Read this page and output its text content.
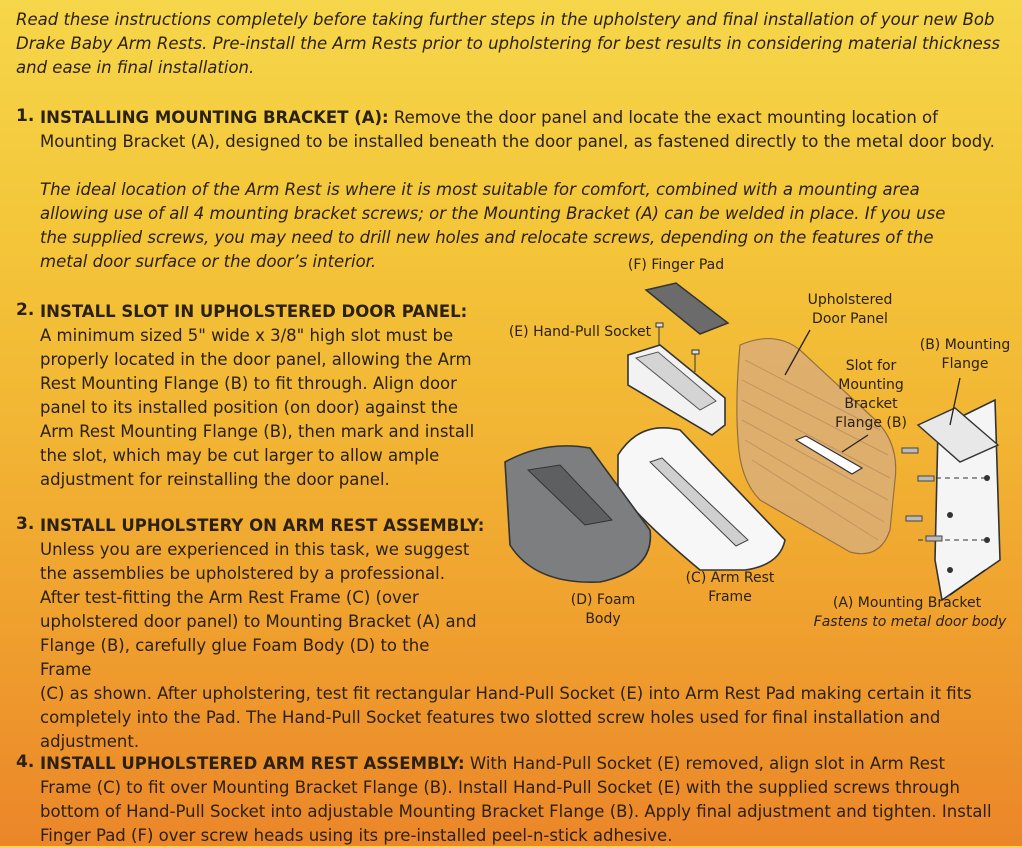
Read these instructions completely before taking further steps in the upholstery and final installation of your new Bob Drake Baby Arm Rests. Pre-install the Arm Rests prior to upholstering for best results in considering material thickness and ease in final installation.
1. INSTALLING MOUNTING BRACKET (A): Remove the door panel and locate the exact mounting location of Mounting Bracket (A), designed to be installed beneath the door panel, as fastened directly to the metal door body.
The ideal location of the Arm Rest is where it is most suitable for comfort, combined with a mounting area allowing use of all 4 mounting bracket screws; or the Mounting Bracket (A) can be welded in place. If you use the supplied screws, you may need to drill new holes and relocate screws, depending on the features of the metal door surface or the door’s interior.
2. INSTALL SLOT IN UPHOLSTERED DOOR PANEL:
A minimum sized 5" wide x 3/8" high slot must be properly located in the door panel, allowing the Arm Rest Mounting Flange (B) to fit through. Align door panel to its installed position (on door) against the Arm Rest Mounting Flange (B), then mark and install the slot, which may be cut larger to allow ample adjustment for reinstalling the door panel.
3. INSTALL UPHOLSTERY ON ARM REST ASSEMBLY:
Unless you are experienced in this task, we suggest the assemblies be upholstered by a professional. After test-fitting the Arm Rest Frame (C) (over upholstered door panel) to Mounting Bracket (A) and Flange (B), carefully glue Foam Body (D) to the Frame
(C) as shown. After upholstering, test fit rectangular Hand-Pull Socket (E) into Arm Rest Pad making certain it fits completely into the Pad. The Hand-Pull Socket features two slotted screw holes used for final installation and adjustment.
4. INSTALL UPHOLSTERED ARM REST ASSEMBLY: With Hand-Pull Socket (E) removed, align slot in Arm Rest Frame (C) to fit over Mounting Bracket Flange (B). Install Hand-Pull Socket (E) with the supplied screws through bottom of Hand-Pull Socket into adjustable Mounting Bracket Flange (B). Apply final adjustment and tighten. Install Finger Pad (F) over screw heads using its pre-installed peel-n-stick adhesive.
(F) Finger Pad
(E) Hand-Pull Socket
Upholstered
Door Panel
(B) Mounting
Flange
Slot for
Mounting
Bracket
Flange (B)
(C) Arm Rest
Frame
(D) Foam
Body
(A) Mounting Bracket
Fastens to metal door body
